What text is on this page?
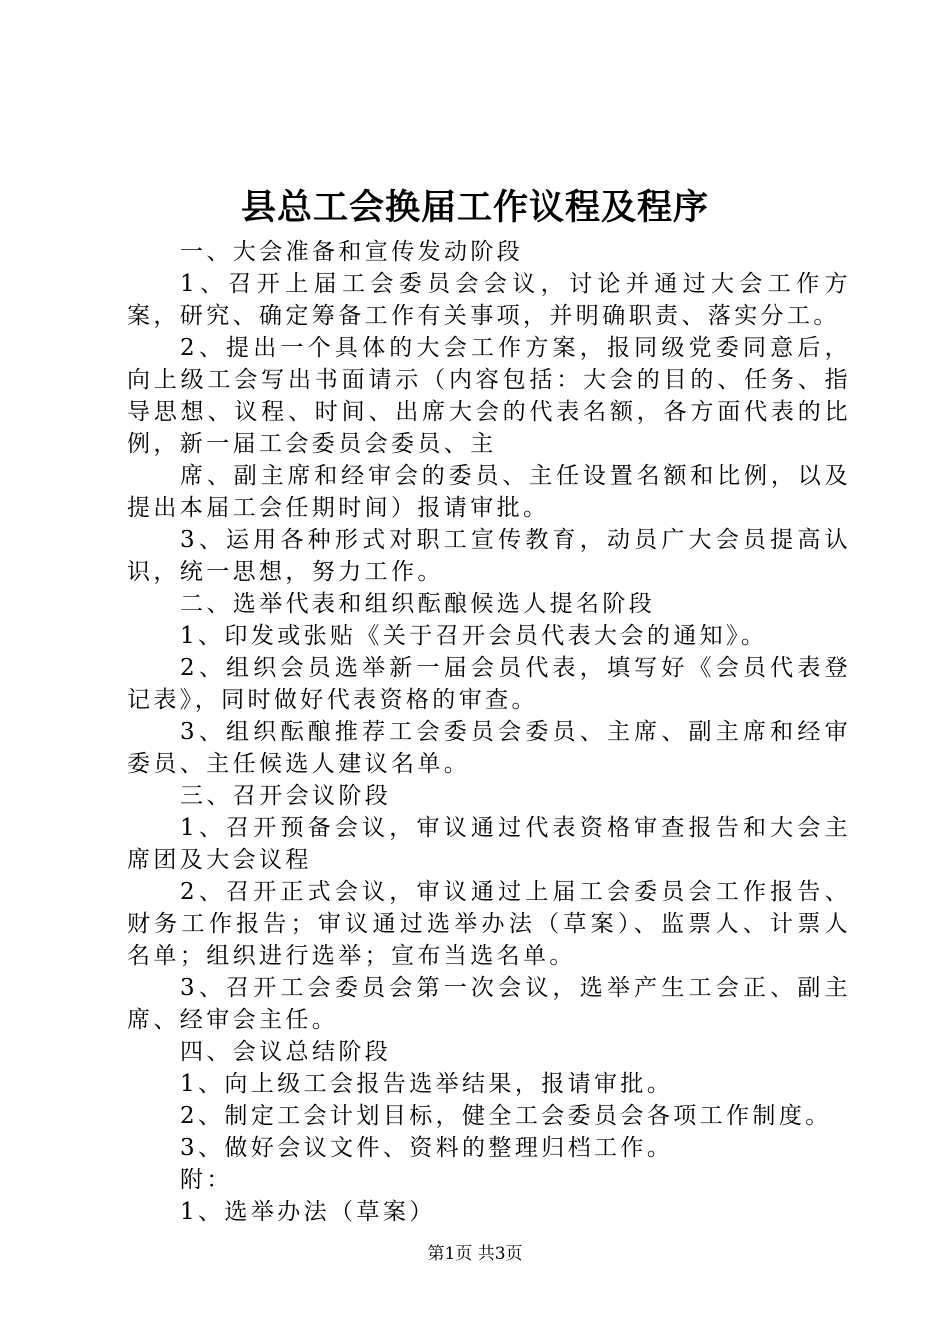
县总工会换届工作议程及程序

一、大会准备和宣传发动阶段

1、召开上届工会委员会会议，讨论并通过大会工作方案，研究、确定筹备工作有关事项，并明确职责、落实分工。

2、提出一个具体的大会工作方案，报同级党委同意后，向上级工会写出书面请示（内容包括：大会的目的、任务、指导思想、议程、时间、出席大会的代表名额，各方面代表的比例，新一届工会委员会委员、主

席、副主席和经审会的委员、主任设置名额和比例，以及提出本届工会任期时间）报请审批。

3、运用各种形式对职工宣传教育，动员广大会员提高认识，统一思想，努力工作。

二、选举代表和组织酝酿候选人提名阶段

1、印发或张贴《关于召开会员代表大会的通知》。

2、组织会员选举新一届会员代表，填写好《会员代表登记表》，同时做好代表资格的审查。

3、组织酝酿推荐工会委员会委员、主席、副主席和经审委员、主任候选人建议名单。

三、召开会议阶段

1、召开预备会议，审议通过代表资格审查报告和大会主席团及大会议程

2、召开正式会议，审议通过上届工会委员会工作报告、财务工作报告；审议通过选举办法（草案）、监票人、计票人名单；组织进行选举；宣布当选名单。

3、召开工会委员会第一次会议，选举产生工会正、副主席、经审会主任。

四、会议总结阶段

1、向上级工会报告选举结果，报请审批。

2、制定工会计划目标，健全工会委员会各项工作制度。

3、做好会议文件、资料的整理归档工作。

附：

1、选举办法（草案）

第1页 共3页
